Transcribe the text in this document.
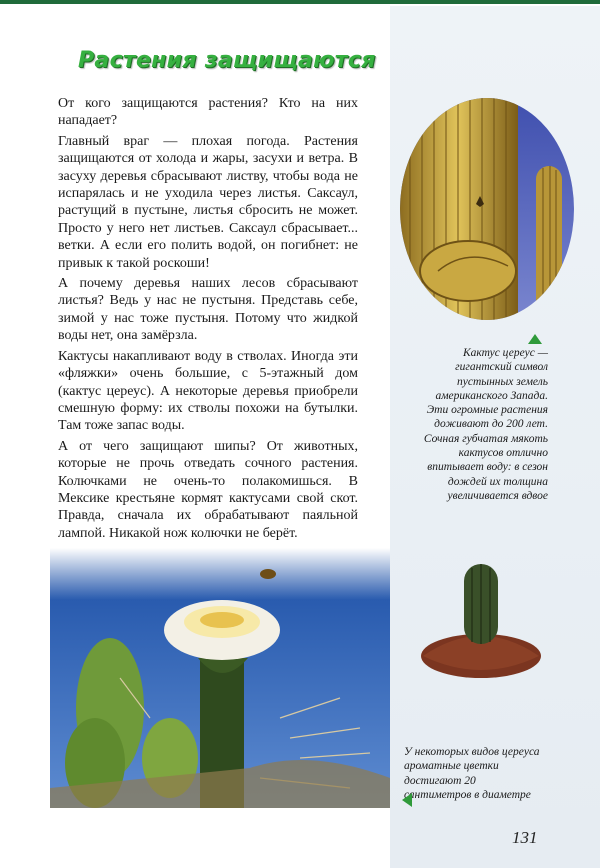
Растения защищаются

От кого защищаются растения? Кто на них нападает?

Главный враг — плохая погода. Растения защищаются от холода и жары, засухи и ветра. В засуху деревья сбрасывают листву, чтобы вода не испарялась и не уходила через листья. Саксаул, растущий в пустыне, листья сбросить не может. Просто у него нет листьев. Саксаул сбрасывает... ветки. А если его полить водой, он погибнет: не привык к такой роскоши!

А почему деревья наших лесов сбрасывают листья? Ведь у нас не пустыня. Представь себе, зимой у нас тоже пустыня. Потому что жидкой воды нет, она замёрзла.

Кактусы накапливают воду в стволах. Иногда эти «фляжки» очень большие, с 5-этажный дом (кактус цереус). А некоторые деревья приобрели смешную форму: их стволы похожи на бутылки. Там тоже запас воды.

А от чего защищают шипы? От животных, которые не прочь отведать сочного растения. Колючками не очень-то полакомишься. В Мексике крестьяне кормят кактусами свой скот. Правда, сначала их обрабатывают паяльной лампой. Никакой нож колючки не берёт.

Кактус цереус — гигантский символ пустынных земель американского Запада. Эти огромные растения доживают до 200 лет. Сочная губчатая мякоть кактусов отлично впитывает воду: в сезон дождей их толщина увеличивается вдвое
У некоторых видов цереуса ароматные цветки достигают 20 сантиметров в диаметре
131
